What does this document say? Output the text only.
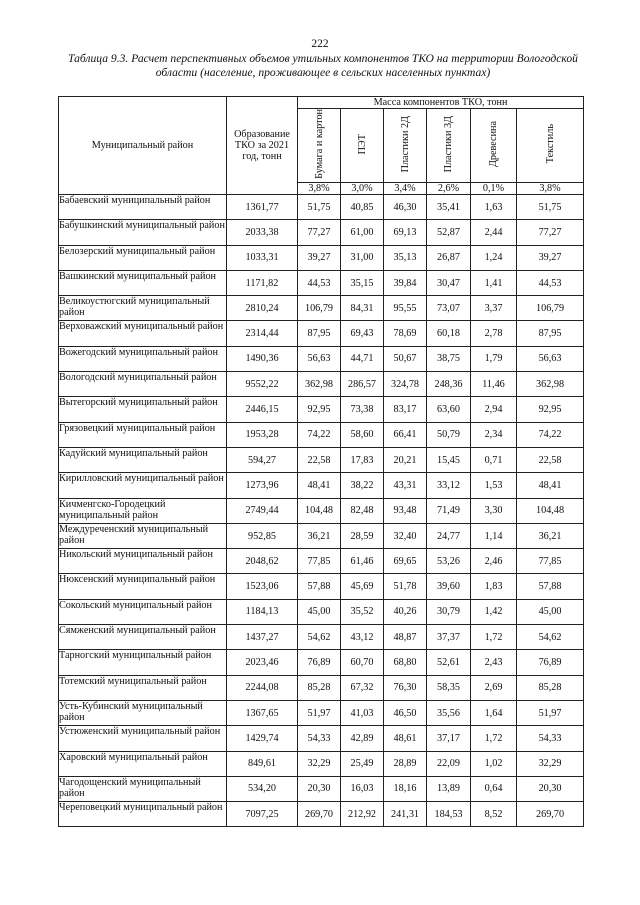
222
Таблица 9.3. Расчет перспективных объемов утильных компонентов ТКО на территории Вологодской области (население, проживающее в сельских населенных пунктах)
Муниципальный район	Образование ТКО за 2021 год, тонн	Масса компонентов ТКО, тонн					
		Бумага и картон	ПЭТ	Пластики 2Д	Пластики 3Д	Древесина	Текстиль
		3,8%	3,0%	3,4%	2,6%	0,1%	3,8%
Бабаевский муниципальный район	1361,77	51,75	40,85	46,30	35,41	1,63	51,75
Бабушкинский муниципальный район	2033,38	77,27	61,00	69,13	52,87	2,44	77,27
Белозерский муниципальный район	1033,31	39,27	31,00	35,13	26,87	1,24	39,27
Вашкинский муниципальный район	1171,82	44,53	35,15	39,84	30,47	1,41	44,53
Великоустюгский муниципальный район	2810,24	106,79	84,31	95,55	73,07	3,37	106,79
Верховажский муниципальный район	2314,44	87,95	69,43	78,69	60,18	2,78	87,95
Вожегодский муниципальный район	1490,36	56,63	44,71	50,67	38,75	1,79	56,63
Вологодский муниципальный район	9552,22	362,98	286,57	324,78	248,36	11,46	362,98
Вытегорский муниципальный район	2446,15	92,95	73,38	83,17	63,60	2,94	92,95
Грязовецкий муниципальный район	1953,28	74,22	58,60	66,41	50,79	2,34	74,22
Кадуйский муниципальный район	594,27	22,58	17,83	20,21	15,45	0,71	22,58
Кирилловский муниципальный район	1273,96	48,41	38,22	43,31	33,12	1,53	48,41
Кичменгско-Городецкий муниципальный район	2749,44	104,48	82,48	93,48	71,49	3,30	104,48
Междуреченский муниципальный район	952,85	36,21	28,59	32,40	24,77	1,14	36,21
Никольский муниципальный район	2048,62	77,85	61,46	69,65	53,26	2,46	77,85
Нюксенский муниципальный район	1523,06	57,88	45,69	51,78	39,60	1,83	57,88
Сокольский муниципальный район	1184,13	45,00	35,52	40,26	30,79	1,42	45,00
Сямженский муниципальный район	1437,27	54,62	43,12	48,87	37,37	1,72	54,62
Тарногский муниципальный район	2023,46	76,89	60,70	68,80	52,61	2,43	76,89
Тотемский муниципальный район	2244,08	85,28	67,32	76,30	58,35	2,69	85,28
Усть-Кубинский муниципальный район	1367,65	51,97	41,03	46,50	35,56	1,64	51,97
Устюженский муниципальный район	1429,74	54,33	42,89	48,61	37,17	1,72	54,33
Харовский муниципальный район	849,61	32,29	25,49	28,89	22,09	1,02	32,29
Чагодощенский муниципальный район	534,20	20,30	16,03	18,16	13,89	0,64	20,30
Череповецкий муниципальный район	7097,25	269,70	212,92	241,31	184,53	8,52	269,70
